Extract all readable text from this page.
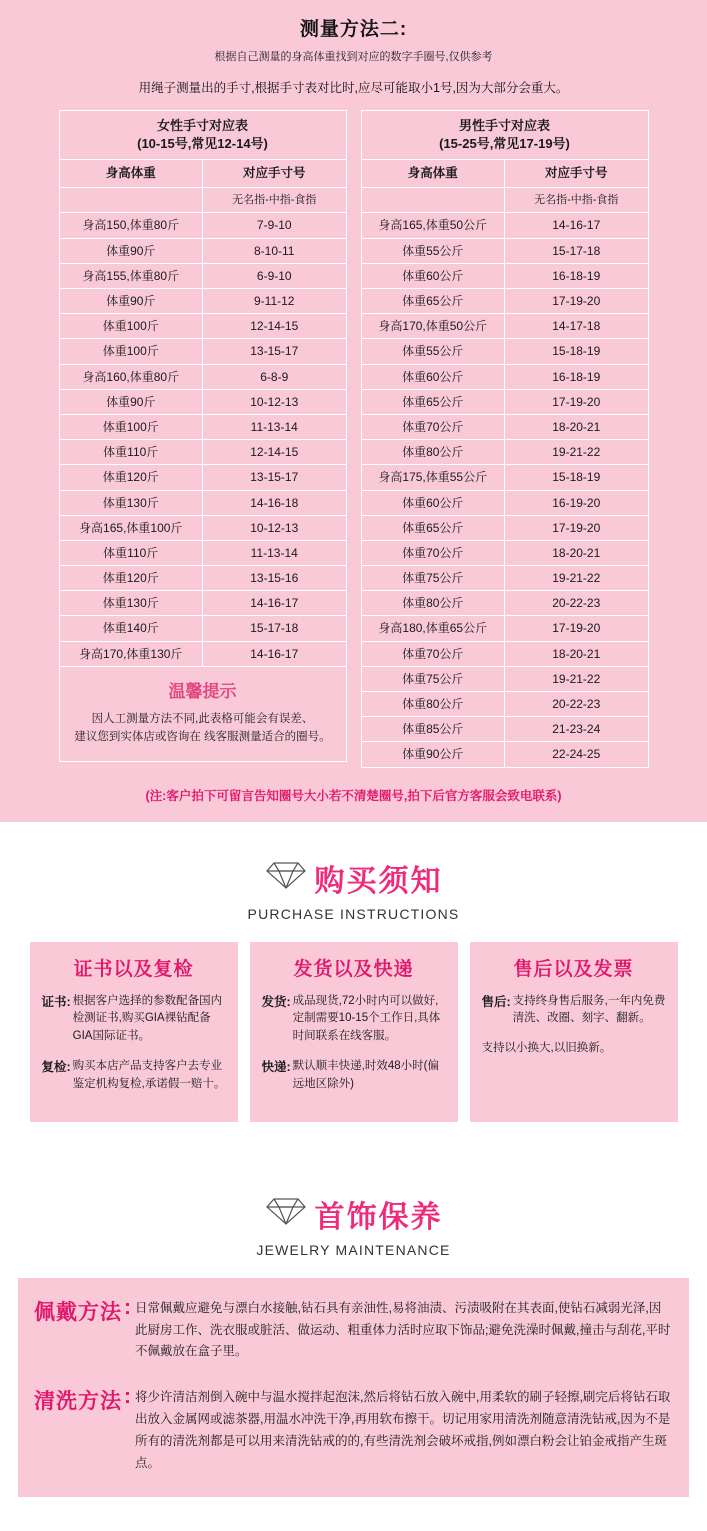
测量方法二:
根据自己测量的身高体重找到对应的数字手圈号,仅供参考
用绳子测量出的手寸,根据手寸表对比时,应尽可能取小1号,因为大部分会重大。
女性手寸对应表
(10-15号,常见12-14号)	
身高体重	对应手寸号
	无名指-中指-食指
身高150,体重80斤	7-9-10
体重90斤	8-10-11
身高155,体重80斤	6-9-10
体重90斤	9-11-12
体重100斤	12-14-15
体重100斤	13-15-17
身高160,体重80斤	6-8-9
体重90斤	10-12-13
体重100斤	11-13-14
体重110斤	12-14-15
体重120斤	13-15-17
体重130斤	14-16-18
身高165,体重100斤	10-12-13
体重110斤	11-13-14
体重120斤	13-15-16
体重130斤	14-16-17
体重140斤	15-17-18
身高170,体重130斤	14-16-17
温馨提示
因人工测量方法不同,此表格可能会有误差、
建议您到实体店或咨询在 线客服测量适合的圈号。
男性手寸对应表
(15-25号,常见17-19号)	
身高体重	对应手寸号
	无名指-中指-食指
身高165,体重50公斤	14-16-17
体重55公斤	15-17-18
体重60公斤	16-18-19
体重65公斤	17-19-20
身高170,体重50公斤	14-17-18
体重55公斤	15-18-19
体重60公斤	16-18-19
体重65公斤	17-19-20
体重70公斤	18-20-21
体重80公斤	19-21-22
身高175,体重55公斤	15-18-19
体重60公斤	16-19-20
体重65公斤	17-19-20
体重70公斤	18-20-21
体重75公斤	19-21-22
体重80公斤	20-22-23
身高180,体重65公斤	17-19-20
体重70公斤	18-20-21
体重75公斤	19-21-22
体重80公斤	20-22-23
体重85公斤	21-23-24
体重90公斤	22-24-25
(注:客户拍下可留言告知圈号大小若不清楚圈号,拍下后官方客服会致电联系)
购买须知
PURCHASE INSTRUCTIONS
证书以及复检
证书: 根据客户选择的参数配备国内检测证书,购买GIA裸钻配备GIA国际证书。
复检: 购买本店产品支持客户去专业鉴定机构复检,承诺假一赔十。
发货以及快递
发货: 成品现货,72小时内可以做好,定制需要10-15个工作日,具体时间联系在线客服。
快递: 默认顺丰快递,时效48小时(偏远地区除外)
售后以及发票
售后: 支持终身售后服务,一年内免费清洗、改圈、刻字、翻新。
支持以小换大,以旧换新。
首饰保养
JEWELRY MAINTENANCE
佩戴方法 : 日常佩戴应避免与漂白水接触,钻石具有亲油性,易将油渍、污渍吸附在其表面,使钻石减弱光泽,因此厨房工作、洗衣服或脏活、做运动、粗重体力活时应取下饰品;避免洗澡时佩戴,撞击与刮花,平时不佩戴放在盒子里。
清洗方法 : 将少许清洁剂倒入碗中与温水搅拌起泡沫,然后将钻石放入碗中,用柔软的刷子轻擦,刷完后将钻石取出放入金属网或滤茶器,用温水冲洗干净,再用软布擦干。切记用家用清洗剂随意清洗钻戒,因为不是所有的清洗剂都是可以用来清洗钻戒的的,有些清洗剂会破坏戒指,例如漂白粉会让铂金戒指产生斑点。
